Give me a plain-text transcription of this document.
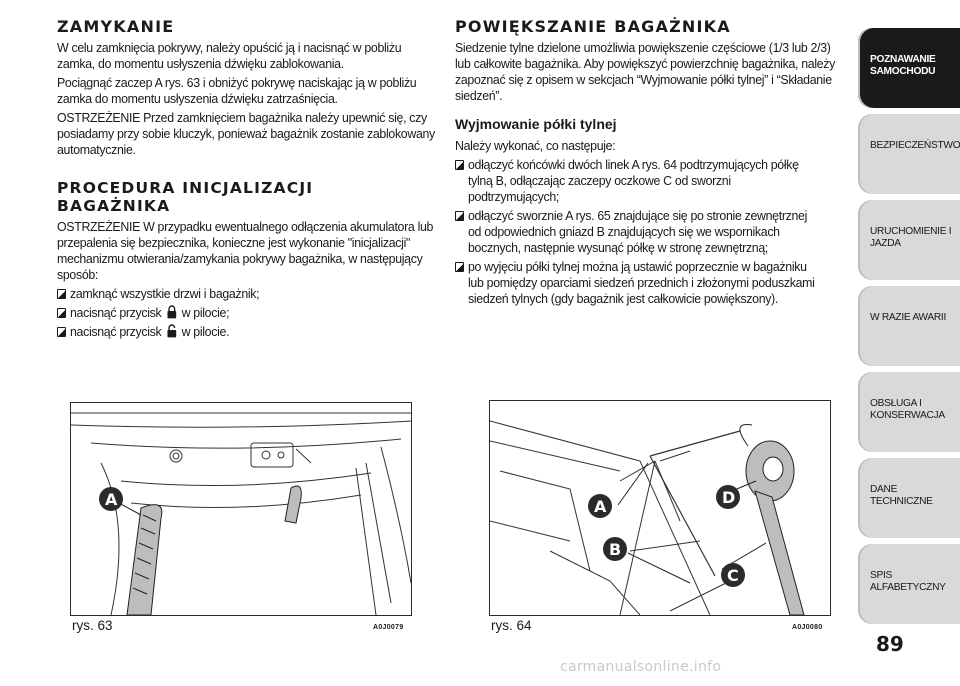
ZAMYKANIE

W celu zamknięcia pokrywy, należy opuścić ją i nacisnąć w pobliżu zamka, do momentu usłyszenia dźwięku zablokowania.

Pociągnąć zaczep A rys. 63 i obniżyć pokrywę naciskając ją w pobliżu zamka do momentu usłyszenia dźwięku zatrzaśnięcia.

OSTRZEŻENIE Przed zamknięciem bagażnika należy upewnić się, czy posiadamy przy sobie kluczyk, ponieważ bagażnik zostanie zablokowany automatycznie.

PROCEDURA INICJALIZACJI
BAGAŻNIKA

OSTRZEŻENIE W przypadku ewentualnego odłączenia akumulatora lub przepalenia się bezpiecznika, konieczne jest wykonanie "inicjalizacji" mechanizmu otwierania/zamykania pokrywy bagażnika, w następujący sposób:

zamknąć wszystkie drzwi i bagażnik;
nacisnąć przycisk w pilocie;
nacisnąć przycisk w pilocie.
POWIĘKSZANIE BAGAŻNIKA

Siedzenie tylne dzielone umożliwia powiększenie częściowe (1/3 lub 2/3) lub całkowite bagażnika. Aby powiększyć powierzchnię bagażnika, należy zapoznać się z opisem w sekcjach “Wyjmowanie półki tylnej” i “Składanie siedzeń”.

Wyjmowanie półki tylnej

Należy wykonać, co następuje:

odłączyć końcówki dwóch linek A rys. 64 podtrzymujących półkę tylną B, odłączając zaczepy oczkowe C od sworzni podtrzymujących;
odłączyć sworznie A rys. 65 znajdujące się po stronie zewnętrznej od odpowiednich gniazd B znajdujących się we wspornikach bocznych, następnie wysunąć półkę w stronę zewnętrzną;
po wyjęciu półki tylnej można ją ustawić poprzecznie w bagażniku lub pomiędzy oparciami siedzeń przednich i złożonymi poduszkami siedzeń tylnych (gdy bagażnik jest całkowicie powiększony).
A
rys. 63	A0J0079
A
B
C
D
rys. 64	A0J0080
POZNAWANIE SAMOCHODU
BEZPIECZEŃSTWO
URUCHOMIENIE I JAZDA
W RAZIE AWARII
OBSŁUGA I KONSERWACJA
DANE TECHNICZNE
SPIS ALFABETYCZNY
89
carmanualsonline.info
